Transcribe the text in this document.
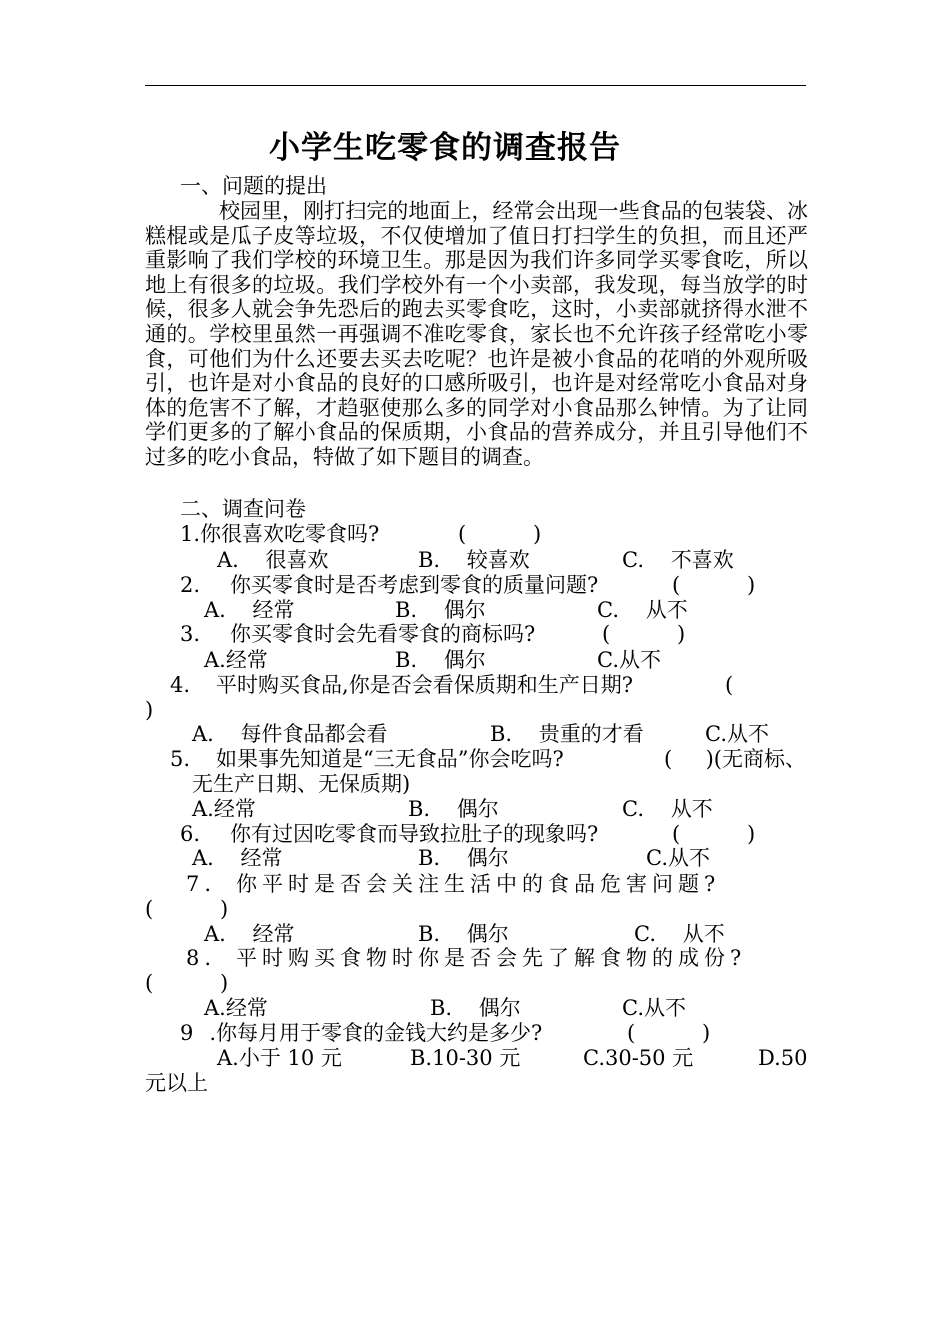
小学生吃零食的调查报告
一、问题的提出
校园里，刚打扫完的地面上，经常会出现一些食品的包装袋、冰糕棍或是瓜子皮等垃圾，不仅使增加了值日打扫学生的负担，而且还严重影响了我们学校的环境卫生。那是因为我们许多同学买零食吃，所以地上有很多的垃圾。我们学校外有一个小卖部，我发现，每当放学的时候，很多人就会争先恐后的跑去买零食吃，这时，小卖部就挤得水泄不通的。学校里虽然一再强调不准吃零食，家长也不允许孩子经常吃小零食，可他们为什么还要去买去吃呢？也许是被小食品的花哨的外观所吸引，也许是对小食品的良好的口感所吸引，也许是对经常吃小食品对身体的危害不了解，才趋驱使那么多的同学对小食品那么钟情。为了让同学们更多的了解小食品的保质期，小食品的营养成分，并且引导他们不过多的吃小食品，特做了如下题目的调查。
二、调查问卷
1.你很喜欢吃零食吗?	(          )
A.    很喜欢	B.    较喜欢	C.    不喜欢
2. 你买零食时是否考虑到零食的质量问题?	(          )
A.    经常	B.    偶尔	C.    从不
3. 你买零食时会先看零食的商标吗?	(          )
A.经常	B.    偶尔	C.从不
4. 平时购买食品,你是否会看保质期和生产日期?	(
)
A.    每件食品都会看	B.    贵重的才看	C.从不
5. 如果事先知道是“三无食品”你会吃吗?	(     )(无商标、
无生产日期、无保质期)
A.经常	B.    偶尔	C.    从不
6. 你有过因吃零食而导致拉肚子的现象吗?	(          )
A.    经常	B.    偶尔	C.从不
7. 你平时是否会关注生活中的食品危害问题?
(          )
A.    经常	B.    偶尔	C.    从不
8. 平时购买食物时你是否会先了解食物的成份?
(          )
A.经常	B.    偶尔	C.从不
9 .你每月用于零食的金钱大约是多少?	(          )
A.小于 10 元	B.10-30 元	C.30-50 元	D.50
元以上
